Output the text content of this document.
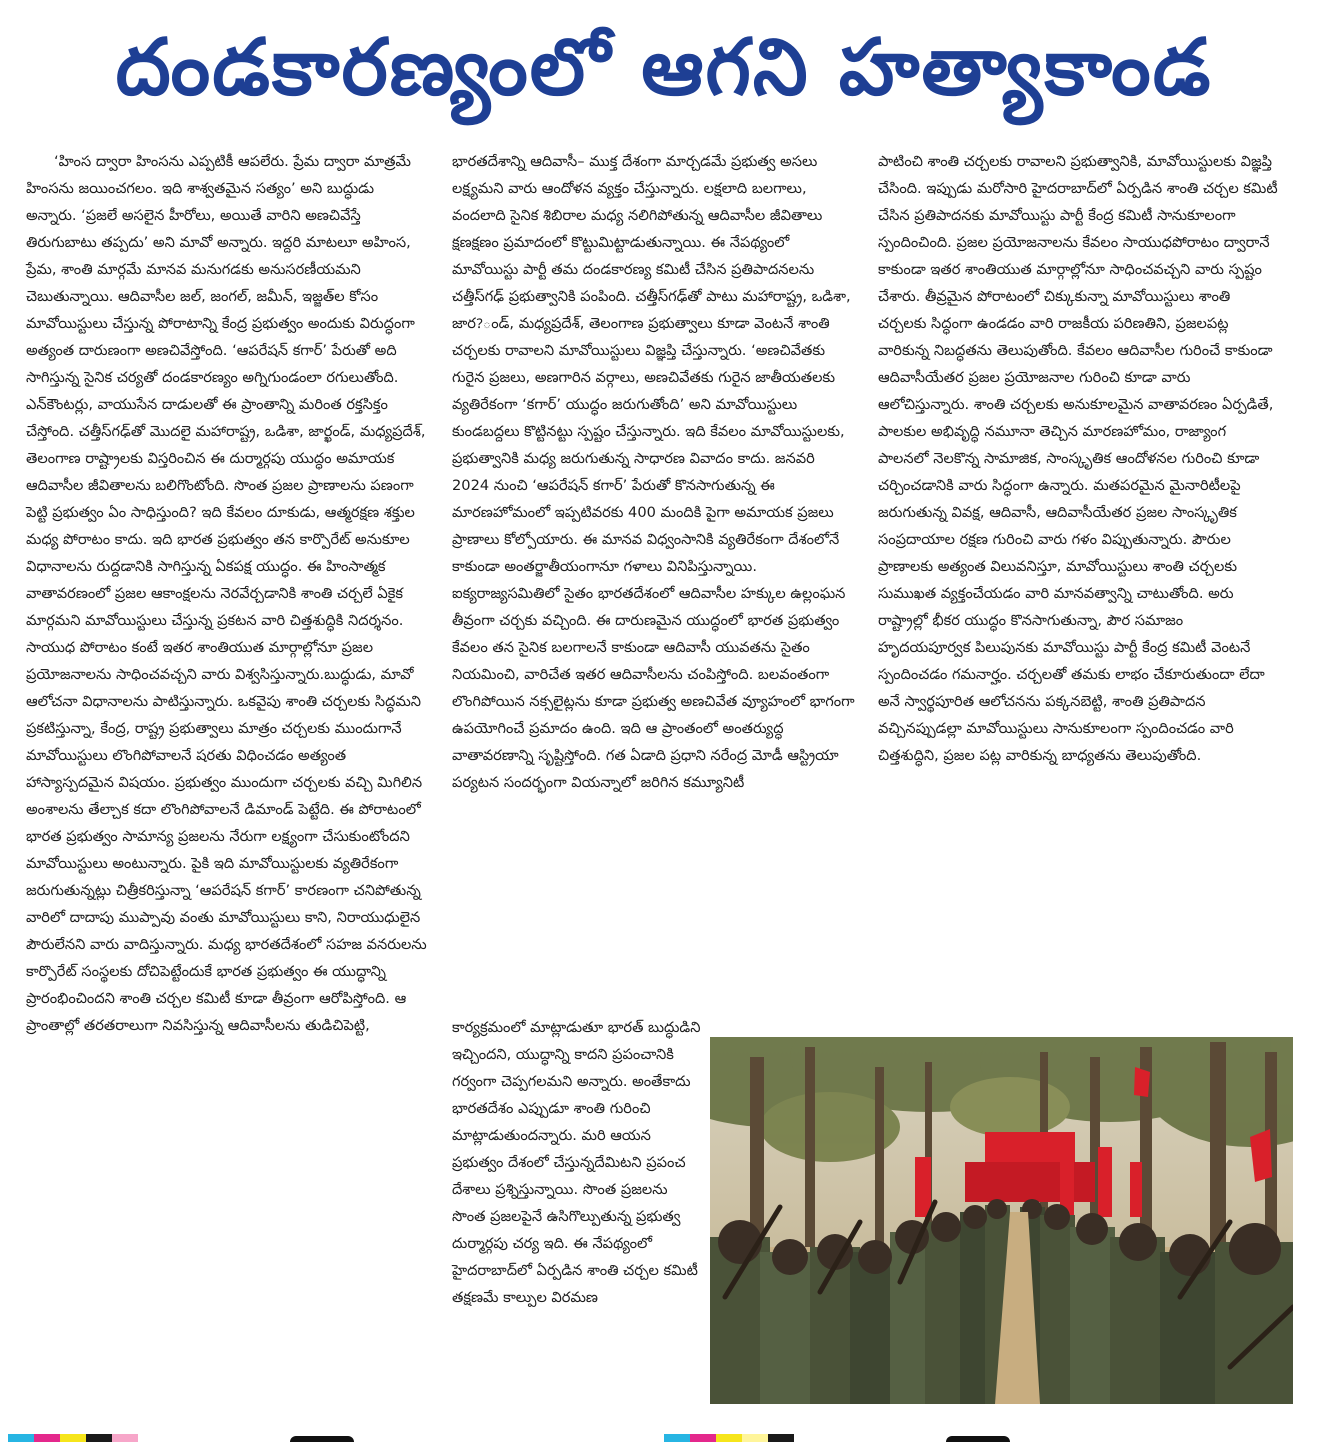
దండకారణ్యంలో ఆగని హత్యాకాండ

‘హింస ద్వారా హింసను ఎప్పటికీ ఆపలేరు. ప్రేమ ద్వారా మాత్రమే హింసను జయించగలం. ఇది శాశ్వతమైన సత్యం’ అని బుద్ధుడు అన్నారు. ‘ప్రజలే అసలైన హీరోలు, అయితే వారిని అణచివేస్తే తిరుగుబాటు తప్పదు’ అని మావో అన్నారు. ఇద్దరి మాటలూ అహింస, ప్రేమ, శాంతి మార్గమే మానవ మనుగడకు అనుసరణీయమని చెబుతున్నాయి. ఆదివాసీల జల్‌, జంగల్‌, జమీన్‌, ఇజ్జత్‌ల కోసం మావోయిస్టులు చేస్తున్న పోరాటాన్ని కేంద్ర ప్రభుత్వం అందుకు విరుద్ధంగా అత్యంత దారుణంగా అణచివేస్తోంది. ‘ఆపరేషన్‌ కగార్‌’ పేరుతో అది సాగిస్తున్న సైనిక చర్యతో దండకారణ్యం అగ్నిగుండంలా రగులుతోంది. ఎన్‌కౌంటర్లు, వాయుసేన దాడులతో ఈ ప్రాంతాన్ని మరింత రక్తసిక్తం చేస్తోంది. చత్తీస్‌గఢ్‌తో మొదలై మహారాష్ట్ర, ఒడిశా, జార్ఖండ్‌, మధ్యప్రదేశ్‌, తెలంగాణ రాష్ట్రాలకు విస్తరించిన ఈ దుర్మార్గపు యుద్ధం అమాయక ఆదివాసీల జీవితాలను బలిగొంటోంది. సొంత ప్రజల ప్రాణాలను పణంగా పెట్టి ప్రభుత్వం ఏం సాధిస్తుంది? ఇది కేవలం దూకుడు, ఆత్మరక్షణ శక్తుల మధ్య పోరాటం కాదు. ఇది భారత ప్రభుత్వం తన కార్పొరేట్‌ అనుకూల విధానాలను రుద్దడానికి సాగిస్తున్న ఏకపక్ష యుద్ధం. ఈ హింసాత్మక వాతావరణంలో ప్రజల ఆకాంక్షలను నెరవేర్చడానికి శాంతి చర్చలే ఏకైక మార్గమని మావోయిస్టులు చేస్తున్న ప్రకటన వారి చిత్తశుద్ధికి నిదర్శనం. సాయుధ పోరాటం కంటే ఇతర శాంతియుత మార్గాల్లోనూ ప్రజల ప్రయోజనాలను సాధించవచ్చని వారు విశ్వసిస్తున్నారు.బుద్ధుడు, మావో ఆలోచనా విధానాలను పాటిస్తున్నారు. ఒకవైపు శాంతి చర్చలకు సిద్ధమని ప్రకటిస్తున్నా, కేంద్ర, రాష్ట్ర ప్రభుత్వాలు మాత్రం చర్చలకు ముందుగానే మావోయిస్టులు లొంగిపోవాలనే షరతు విధించడం అత్యంత హాస్యాస్పదమైన విషయం. ప్రభుత్వం ముందుగా చర్చలకు వచ్చి మిగిలిన అంశాలను తేల్చాక కదా లొంగిపోవాలనే డిమాండ్‌ పెట్టేది. ఈ పోరాటంలో భారత ప్రభుత్వం సామాన్య ప్రజలను నేరుగా లక్ష్యంగా చేసుకుంటోందని మావోయిస్టులు అంటున్నారు. పైకి ఇది మావోయిస్టులకు వ్యతిరేకంగా జరుగుతున్నట్లు చిత్రీకరిస్తున్నా ‘ఆపరేషన్‌ కగార్‌’ కారణంగా చనిపోతున్న వారిలో దాదాపు ముప్పావు వంతు మావోయిస్టులు కాని, నిరాయుధులైన పౌరులేనని వారు వాదిస్తున్నారు. మధ్య భారతదేశంలో సహజ వనరులను కార్పొరేట్‌ సంస్థలకు దోచిపెట్టేందుకే భారత ప్రభుత్వం ఈ యుద్ధాన్ని ప్రారంభించిందని శాంతి చర్చల కమిటీ కూడా తీవ్రంగా ఆరోపిస్తోంది. ఆ ప్రాంతాల్లో తరతరాలుగా నివసిస్తున్న ఆదివాసీలను తుడిచిపెట్టి,

భారతదేశాన్ని ఆదివాసీ– ముక్త దేశంగా మార్చడమే ప్రభుత్వ అసలు లక్ష్యమని వారు ఆందోళన వ్యక్తం చేస్తున్నారు. లక్షలాది బలగాలు, వందలాది సైనిక శిబిరాల మధ్య నలిగిపోతున్న ఆదివాసీల జీవితాలు క్షణక్షణం ప్రమాదంలో కొట్టుమిట్టాడుతున్నాయి. ఈ నేపథ్యంలో మావోయిస్టు పార్టీ తమ దండకారణ్య కమిటీ చేసిన ప్రతిపాదనలను చత్తీస్‌గఢ్‌ ప్రభుత్వానికి పంపింది. చత్తీస్‌గఢ్‌తో పాటు మహారాష్ట్ర, ఒడిశా, జార?ండ్‌, మధ్యప్రదేశ్‌, తెలంగాణ ప్రభుత్వాలు కూడా వెంటనే శాంతి చర్చలకు రావాలని మావోయిస్టులు విజ్ఞప్తి చేస్తున్నారు. ‘అణచివేతకు గురైన ప్రజలు, అణగారిన వర్గాలు, అణచివేతకు గురైన జాతీయతలకు వ్యతిరేకంగా ‘కగార్‌’ యుద్ధం జరుగుతోంది’ అని మావోయిస్టులు కుండబద్దలు కొట్టినట్టు స్పష్టం చేస్తున్నారు. ఇది కేవలం మావోయిస్టులకు, ప్రభుత్వానికి మధ్య జరుగుతున్న సాధారణ వివాదం కాదు. జనవరి 2024 నుంచి ‘ఆపరేషన్‌ కగార్‌’ పేరుతో కొనసాగుతున్న ఈ మారణహోమంలో ఇప్పటివరకు 400 మందికి పైగా అమాయక ప్రజలు ప్రాణాలు కోల్పోయారు. ఈ మానవ విధ్వంసానికి వ్యతిరేకంగా దేశంలోనే కాకుండా అంతర్జాతీయంగానూ గళాలు వినిపిస్తున్నాయి. ఐక్యరాజ్యసమితిలో సైతం భారతదేశంలో ఆదివాసీల హక్కుల ఉల్లంఘన తీవ్రంగా చర్చకు వచ్చింది. ఈ దారుణమైన యుద్ధంలో భారత ప్రభుత్వం కేవలం తన సైనిక బలగాలనే కాకుండా ఆదివాసీ యువతను సైతం నియమించి, వారిచేత ఇతర ఆదివాసీలను చంపిస్తోంది. బలవంతంగా లొంగిపోయిన నక్సలైట్లను కూడా ప్రభుత్వ అణచివేత వ్యూహంలో భాగంగా ఉపయోగించే ప్రమాదం ఉంది. ఇది ఆ ప్రాంతంలో అంతర్యుద్ధ వాతావరణాన్ని సృష్టిస్తోంది. గత ఏడాది ప్రధాని నరేంద్ర మోడీ ఆస్ట్రియా పర్యటన సందర్భంగా వియన్నాలో జరిగిన కమ్యూనిటీ

కార్యక్రమంలో మాట్లాడుతూ భారత్‌ బుద్ధుడిని ఇచ్చిందని, యుద్ధాన్ని కాదని ప్రపంచానికి గర్వంగా చెప్పగలమని అన్నారు. అంతేకాదు భారతదేశం ఎప్పుడూ శాంతి గురించి మాట్లాడుతుందన్నారు. మరి ఆయన ప్రభుత్వం దేశంలో చేస్తున్నదేమిటని ప్రపంచ దేశాలు ప్రశ్నిస్తున్నాయి. సొంత ప్రజలను సొంత ప్రజలపైనే ఉసిగొల్పుతున్న ప్రభుత్వ దుర్మార్గపు చర్య ఇది. ఈ నేపథ్యంలో హైదరాబాద్‌లో ఏర్పడిన శాంతి చర్చల కమిటీ తక్షణమే కాల్పుల విరమణ

పాటించి శాంతి చర్చలకు రావాలని ప్రభుత్వానికి, మావోయిస్టులకు విజ్ఞప్తి చేసింది. ఇప్పుడు మరోసారి హైదరాబాద్‌లో ఏర్పడిన శాంతి చర్చల కమిటీ చేసిన ప్రతిపాదనకు మావోయిస్టు పార్టీ కేంద్ర కమిటీ సానుకూలంగా స్పందించింది. ప్రజల ప్రయోజనాలను కేవలం సాయుధపోరాటం ద్వారానే కాకుండా ఇతర శాంతియుత మార్గాల్లోనూ సాధించవచ్చని వారు స్పష్టం చేశారు. తీవ్రమైన పోరాటంలో చిక్కుకున్నా మావోయిస్టులు శాంతి చర్చలకు సిద్ధంగా ఉండడం వారి రాజకీయ పరిణతిని, ప్రజలపట్ల వారికున్న నిబద్ధతను తెలుపుతోంది. కేవలం ఆదివాసీల గురించే కాకుండా ఆదివాసీయేతర ప్రజల ప్రయోజనాల గురించి కూడా వారు ఆలోచిస్తున్నారు. శాంతి చర్చలకు అనుకూలమైన వాతావరణం ఏర్పడితే, పాలకుల అభివృద్ధి నమూనా తెచ్చిన మారణహోమం, రాజ్యాంగ పాలనలో నెలకొన్న సామాజిక, సాంస్కృతిక ఆందోళనల గురించి కూడా చర్చించడానికి వారు సిద్ధంగా ఉన్నారు. మతపరమైన మైనారిటీలపై జరుగుతున్న వివక్ష, ఆదివాసీ, ఆదివాసీయేతర ప్రజల సాంస్కృతిక సంప్రదాయాల రక్షణ గురించి వారు గళం విప్పుతున్నారు. పౌరుల ప్రాణాలకు అత్యంత విలువనిస్తూ, మావోయిస్టులు శాంతి చర్చలకు సుముఖత వ్యక్తంచేయడం వారి మానవత్వాన్ని చాటుతోంది. అరు రాష్ట్రాల్లో భీకర యుద్ధం కొనసాగుతున్నా, పౌర సమాజం హృదయపూర్వక పిలుపునకు మావోయిస్టు పార్టీ కేంద్ర కమిటీ వెంటనే స్పందించడం గమనార్హం. చర్చలతో తమకు లాభం చేకూరుతుందా లేదా అనే స్వార్థపూరిత ఆలోచనను పక్కనబెట్టి, శాంతి ప్రతిపాదన వచ్చినప్పుడల్లా మావోయిస్టులు సానుకూలంగా స్పందించడం వారి చిత్తశుద్ధిని, ప్రజల పట్ల వారికున్న బాధ్యతను తెలుపుతోంది.
